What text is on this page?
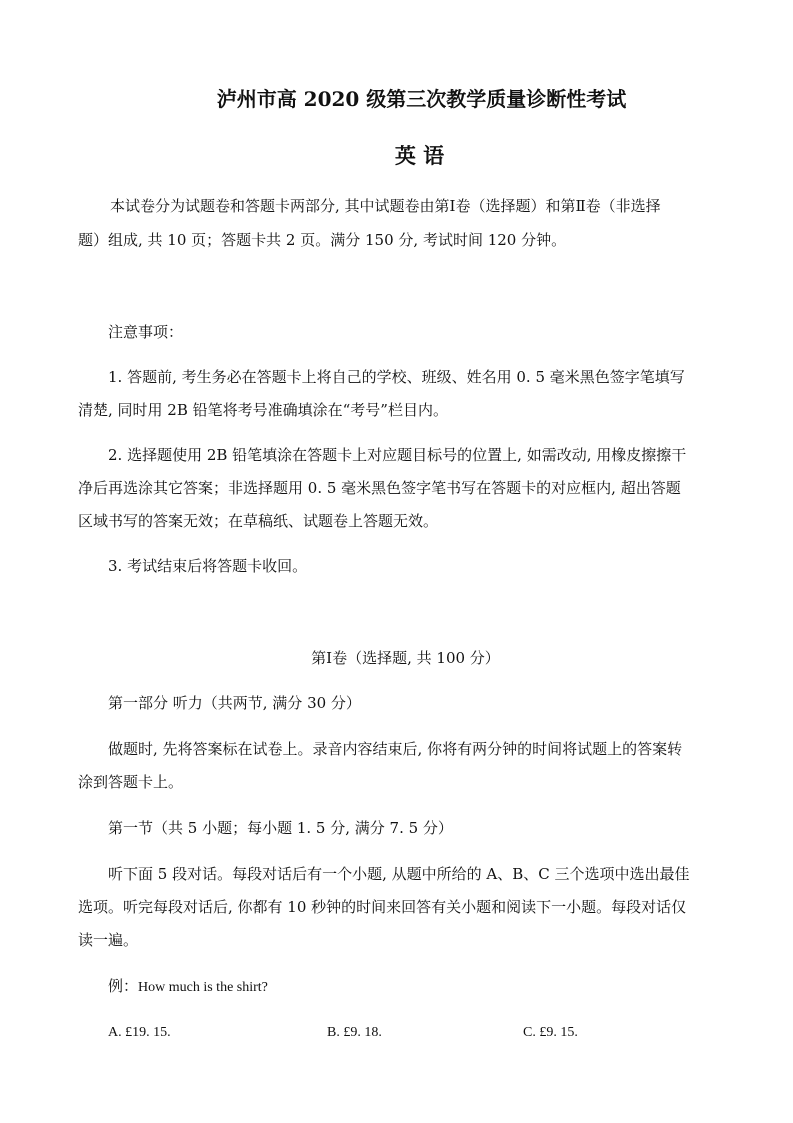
泸州市高 2020 级第三次教学质量诊断性考试
英 语
本试卷分为试题卷和答题卡两部分, 其中试题卷由第Ⅰ卷（选择题）和第Ⅱ卷（非选择
题）组成, 共 10 页；答题卡共 2 页。满分 150 分, 考试时间 120 分钟。
注意事项：
1. 答题前, 考生务必在答题卡上将自己的学校、班级、姓名用 0. 5 毫米黑色签字笔填写
清楚, 同时用 2B 铅笔将考号准确填涂在“考号”栏目内。
2. 选择题使用 2B 铅笔填涂在答题卡上对应题目标号的位置上, 如需改动, 用橡皮擦擦干
净后再选涂其它答案；非选择题用 0. 5 毫米黑色签字笔书写在答题卡的对应框内, 超出答题
区域书写的答案无效；在草稿纸、试题卷上答题无效。
3. 考试结束后将答题卡收回。
第Ⅰ卷（选择题, 共 100 分）
第一部分 听力（共两节, 满分 30 分）
做题时, 先将答案标在试卷上。录音内容结束后, 你将有两分钟的时间将试题上的答案转
涂到答题卡上。
第一节（共 5 小题；每小题 1. 5 分, 满分 7. 5 分）
听下面 5 段对话。每段对话后有一个小题, 从题中所给的 A、B、C 三个选项中选出最佳
选项。听完每段对话后, 你都有 10 秒钟的时间来回答有关小题和阅读下一小题。每段对话仅
读一遍。
例：How much is the shirt?
A. £19. 15.	B. £9. 18.	C. £9. 15.
